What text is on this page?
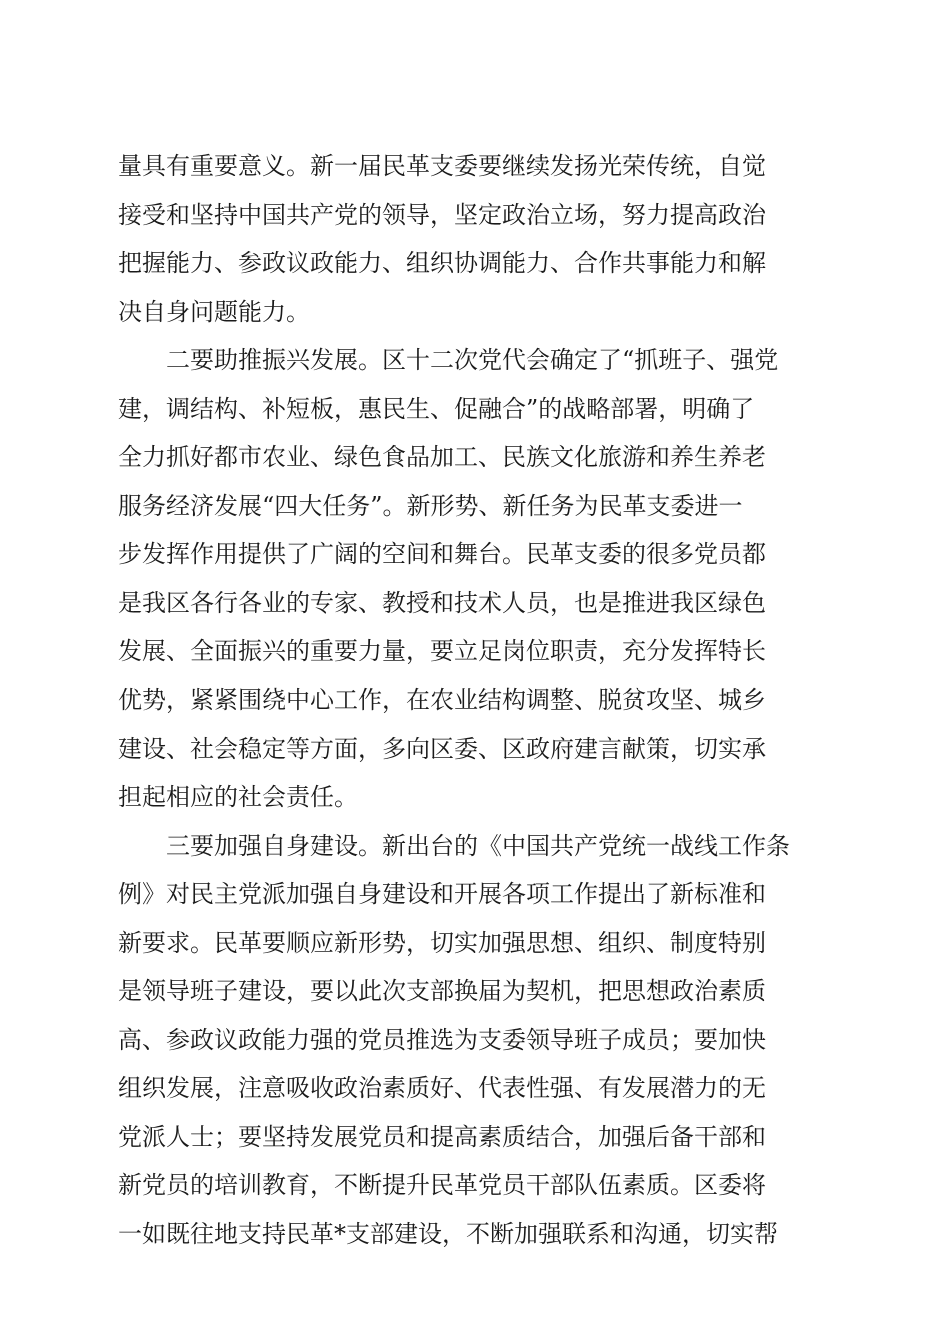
量具有重要意义。新一届民革支委要继续发扬光荣传统，自觉
接受和坚持中国共产党的领导，坚定政治立场，努力提高政治
把握能力、参政议政能力、组织协调能力、合作共事能力和解
决自身问题能力。
　　二要助推振兴发展。区十二次党代会确定了“抓班子、强党
建，调结构、补短板，惠民生、促融合”的战略部署，明确了
全力抓好都市农业、绿色食品加工、民族文化旅游和养生养老
服务经济发展“四大任务”。新形势、新任务为民革支委进一
步发挥作用提供了广阔的空间和舞台。民革支委的很多党员都
是我区各行各业的专家、教授和技术人员，也是推进我区绿色
发展、全面振兴的重要力量，要立足岗位职责，充分发挥特长
优势，紧紧围绕中心工作，在农业结构调整、脱贫攻坚、城乡
建设、社会稳定等方面，多向区委、区政府建言献策，切实承
担起相应的社会责任。
　　三要加强自身建设。新出台的《中国共产党统一战线工作条
例》对民主党派加强自身建设和开展各项工作提出了新标准和
新要求。民革要顺应新形势，切实加强思想、组织、制度特别
是领导班子建设，要以此次支部换届为契机，把思想政治素质
高、参政议政能力强的党员推选为支委领导班子成员；要加快
组织发展，注意吸收政治素质好、代表性强、有发展潜力的无
党派人士；要坚持发展党员和提高素质结合，加强后备干部和
新党员的培训教育，不断提升民革党员干部队伍素质。区委将
一如既往地支持民革*支部建设，不断加强联系和沟通，切实帮
